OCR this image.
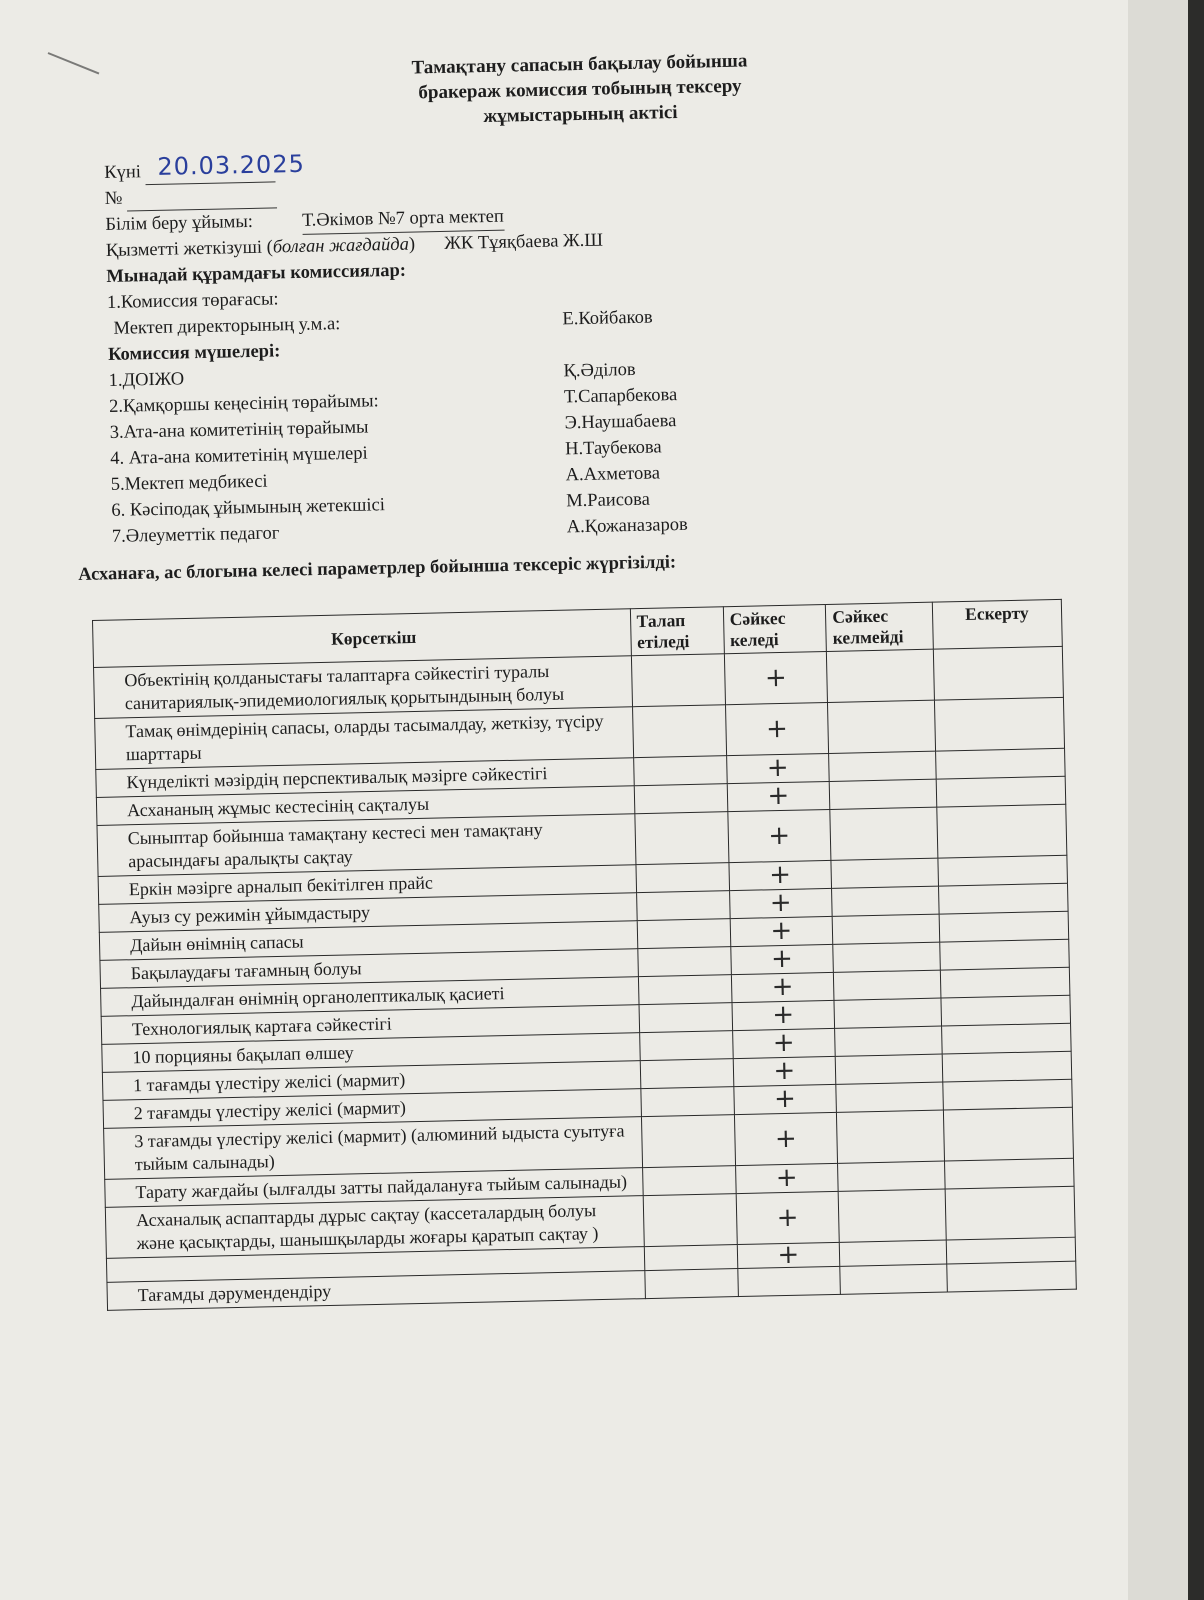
Тамақтану сапасын бақылау бойынша
бракераж комиссия тобының тексеру
жұмыстарының актісі
Күні 20.03.2025
№
Білім беру ұйымы:	Т.Әкімов №7 орта мектеп
Қызметті жеткізуші (болған жағдайда) ЖК Тұяқбаева Ж.Ш
Мынадай құрамдағы комиссиялар:
1.Комиссия төрағасы:
Мектеп директорының у.м.а:	Е.Койбаков
Комиссия мүшелері:
1.ДОІЖО	Қ.Әділов
2.Қамқоршы кеңесінің төрайымы:	Т.Сапарбекова
3.Ата-ана комитетінің төрайымы	Э.Наушабаева
4. Ата-ана комитетінің мүшелері	Н.Таубекова
5.Мектеп медбикесі	А.Ахметова
6. Кәсіподақ ұйымының жетекшісі	М.Раисова
7.Әлеуметтік педагог	А.Қожаназаров
Асханаға, ас блогына келесі параметрлер бойынша тексеріс жүргізілді:
Көрсеткіш	Талап етіледі	Сәйкес келеді	Сәйкес келмейді	Ескерту
Объектінің қолданыстағы талаптарға сәйкестігі туралы санитариялық-эпидемиологиялық қорытындының болуы		+		
Тамақ өнімдерінің сапасы, оларды тасымалдау, жеткізу, түсіру шарттары		+		
Күнделікті мәзірдің перспективалық мәзірге сәйкестігі		+		
Асхананың жұмыс кестесінің сақталуы		+		
Сыныптар бойынша тамақтану кестесі мен тамақтану арасындағы аралықты сақтау		+		
Еркін мәзірге арналып бекітілген прайс		+		
Ауыз су режимін ұйымдастыру		+		
Дайын өнімнің сапасы		+		
Бақылаудағы тағамның болуы		+		
Дайындалған өнімнің органолептикалық қасиеті		+		
Технологиялық картаға сәйкестігі		+		
10 порцияны бақылап өлшеу		+		
1 тағамды үлестіру желісі (мармит)		+		
2 тағамды үлестіру желісі (мармит)		+		
3 тағамды үлестіру желісі (мармит) (алюминий ыдыста суытуға тыйым салынады)		+		
Тарату жағдайы (ылғалды затты пайдалануға тыйым салынады)		+		
Асханалық аспаптарды дұрыс сақтау (кассеталардың болуы және қасықтарды, шанышқыларды жоғары қаратып сақтау )		+		
		+		
Тағамды дәрумендендіру				
